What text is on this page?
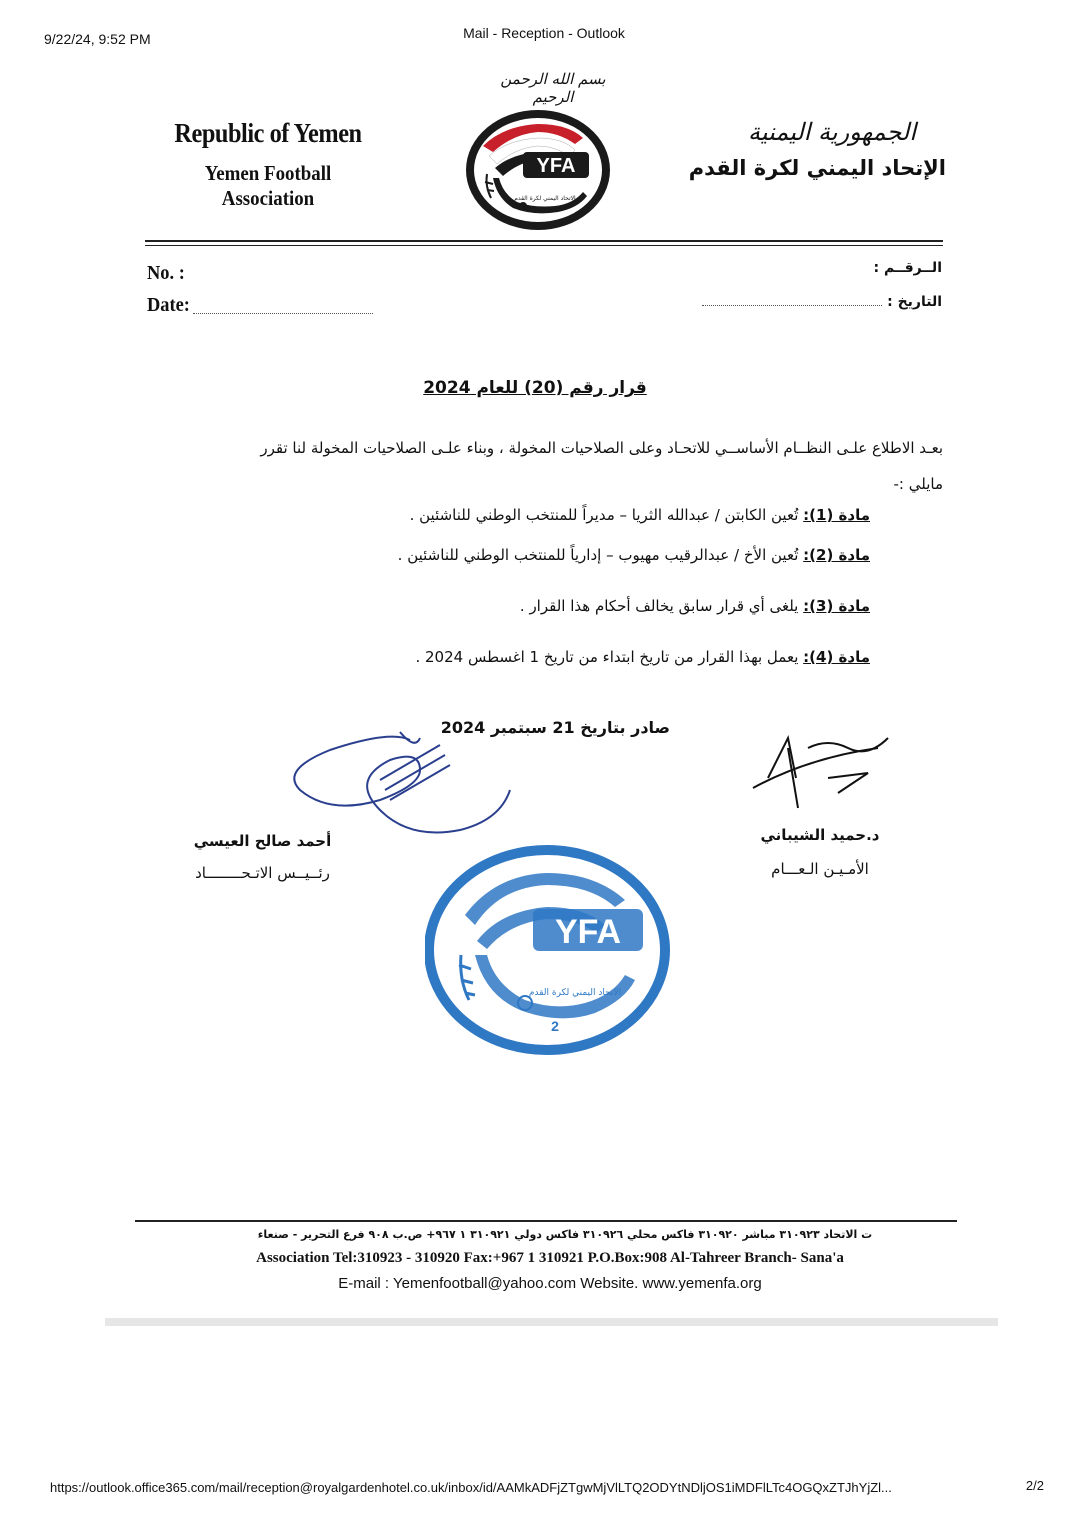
9/22/24, 9:52 PM	Mail - Reception - Outlook
بسم الله الرحمن الرحيم
Republic of Yemen
Yemen Football Association
الجمهورية اليمنية
الإتحاد اليمني لكرة القدم
YFA
الاتحاد اليمني لكرة القدم
No. :
Date:
الــرقــم :
التاريخ :
قرار رقم (20) للعام 2024
بعـد الاطلاع علـى النظــام الأساســي للاتحـاد وعلى الصلاحيات المخولة ، وبناء علـى الصلاحيات المخولة لنا تقرر مايلي :-
مادة (1): تُعين الكابتن / عبدالله الثريا – مديراً للمنتخب الوطني للناشئين .
مادة (2): تُعين الأخ / عبدالرقيب مهيوب – إدارياً للمنتخب الوطني للناشئين .
مادة (3): يلغى أي قرار سابق يخالف أحكام هذا القرار .
مادة (4): يعمل بهذا القرار من تاريخ ابتداء من تاريخ 1 اغسطس 2024 .
صادر بتاريخ 21 سبتمبر 2024
أحمد صالح العيسي
رئــيــس الاتـحــــــــاد
د.حميد الشيباني
الأمـيـن الـعـــام
YFA
الاتحاد اليمني لكرة القدم
2
ت الاتحاد ٣١٠٩٢٣ مباشر ٣١٠٩٢٠ فاكس محلي ٣١٠٩٢٦ فاكس دولي ٣١٠٩٢١ ١ ٩٦٧+ ص.ب ٩٠٨ فرع التحرير - صنعاء
Association Tel:310923 - 310920 Fax:+967 1 310921 P.O.Box:908 Al-Tahreer Branch- Sana'a
E-mail : Yemenfootball@yahoo.com Website. www.yemenfa.org
https://outlook.office365.com/mail/reception@royalgardenhotel.co.uk/inbox/id/AAMkADFjZTgwMjVlLTQ2ODYtNDljOS1iMDFlLTc4OGQxZTJhYjZl...	2/2
